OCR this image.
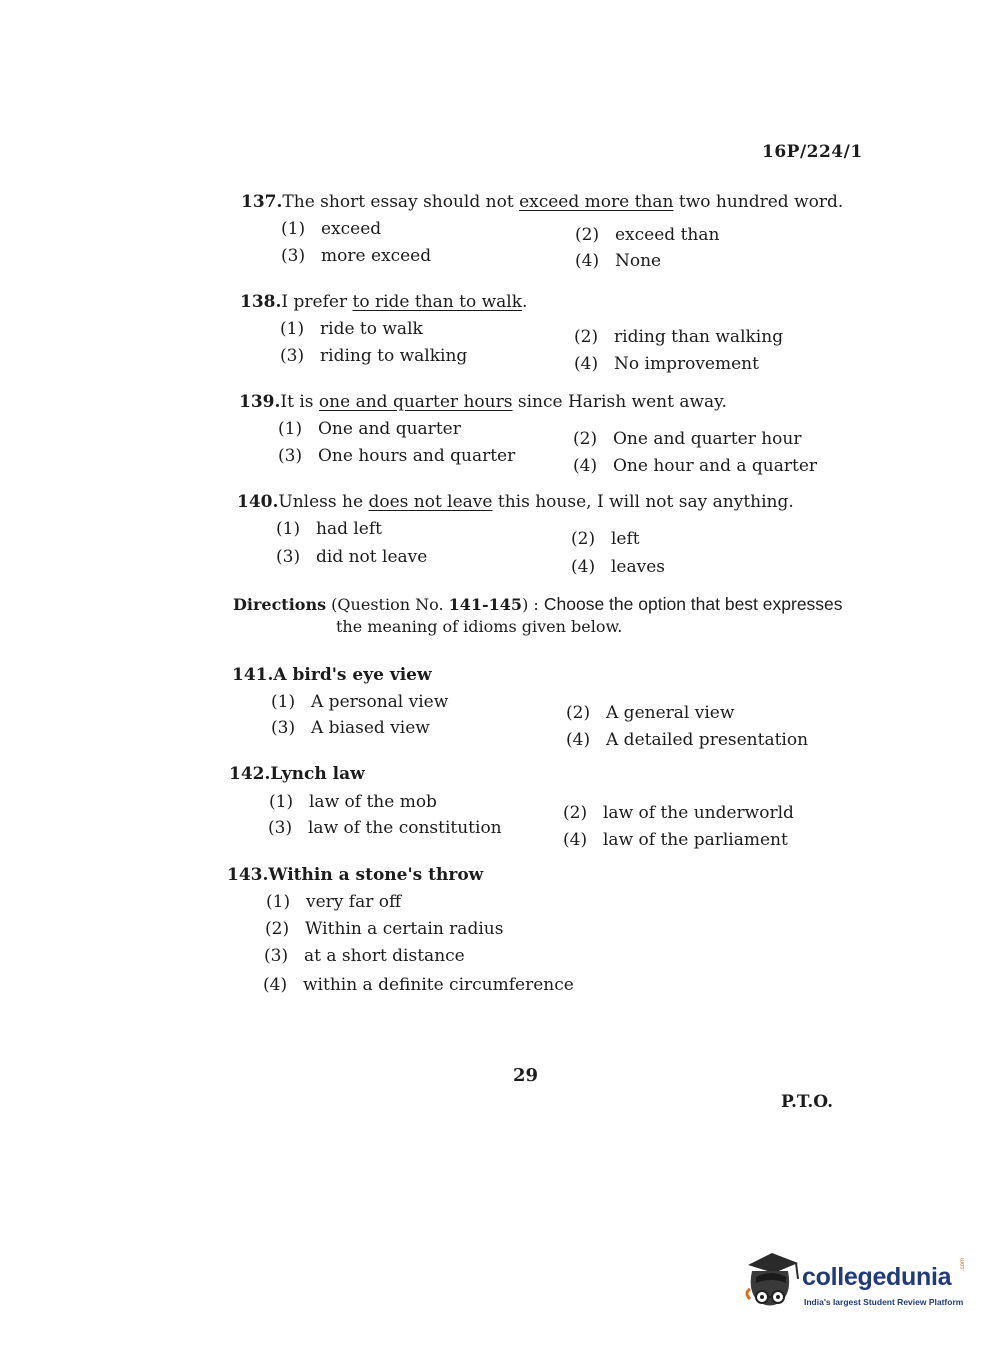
16P/224/1
137.The short essay should not exceed more than two hundred word.
(1) exceed	(2) exceed than
(3) more exceed	(4) None
138.I prefer to ride than to walk.
(1) ride to walk	(2) riding than walking
(3) riding to walking	(4) No improvement
139.It is one and quarter hours since Harish went away.
(1) One and quarter	(2) One and quarter hour
(3) One hours and quarter	(4) One hour and a quarter
140.Unless he does not leave this house, I will not say anything.
(1) had left	(2) left
(3) did not leave	(4) leaves
Directions (Question No. 141-145) : Choose the option that best expresses
the meaning of idioms given below.
141.A bird's eye view
(1) A personal view
(2) A general view
(3) A biased view
(4) A detailed presentation
142.Lynch law
(1) law of the mob
(2) law of the underworld
(3) law of the constitution
(4) law of the parliament
143.Within a stone's throw
(1) very far off
(2) Within a certain radius
(3) at a short distance
(4) within a definite circumference
29
P.T.O.
collegedunia .com
India's largest Student Review Platform
